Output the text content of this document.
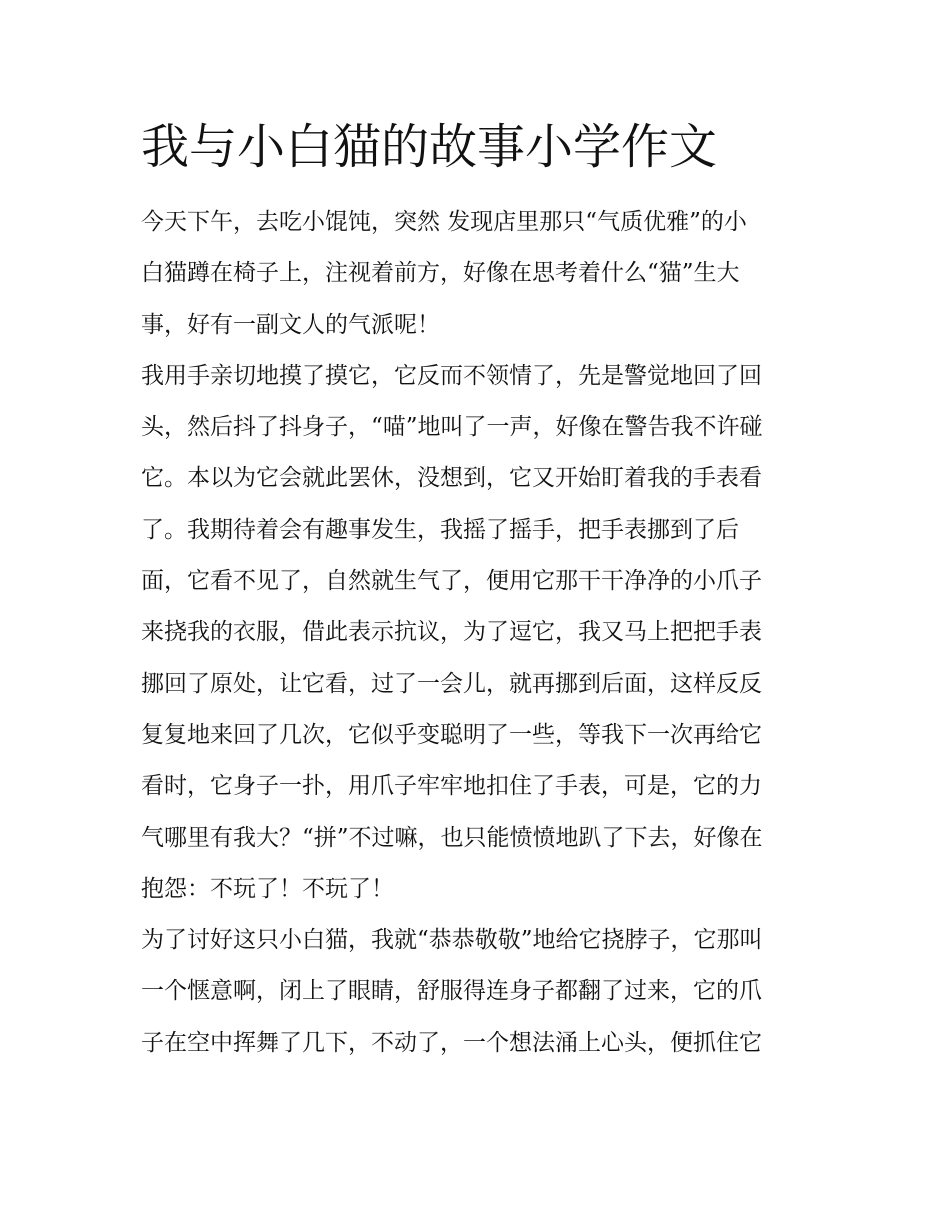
我与小白猫的故事小学作文
今天下午，去吃小馄饨，突然 发现店里那只“气质优雅”的小
白猫蹲在椅子上，注视着前方，好像在思考着什么“猫”生大
事，好有一副文人的气派呢！
我用手亲切地摸了摸它，它反而不领情了，先是警觉地回了回
头，然后抖了抖身子，“喵”地叫了一声，好像在警告我不许碰
它。本以为它会就此罢休，没想到，它又开始盯着我的手表看
了。我期待着会有趣事发生，我摇了摇手，把手表挪到了后
面，它看不见了，自然就生气了，便用它那干干净净的小爪子
来挠我的衣服，借此表示抗议，为了逗它，我又马上把把手表
挪回了原处，让它看，过了一会儿，就再挪到后面，这样反反
复复地来回了几次，它似乎变聪明了一些，等我下一次再给它
看时，它身子一扑，用爪子牢牢地扣住了手表，可是，它的力
气哪里有我大？“拼”不过嘛，也只能愤愤地趴了下去，好像在
抱怨：不玩了！不玩了！
为了讨好这只小白猫，我就“恭恭敬敬”地给它挠脖子，它那叫
一个惬意啊，闭上了眼睛，舒服得连身子都翻了过来，它的爪
子在空中挥舞了几下，不动了，一个想法涌上心头，便抓住它
